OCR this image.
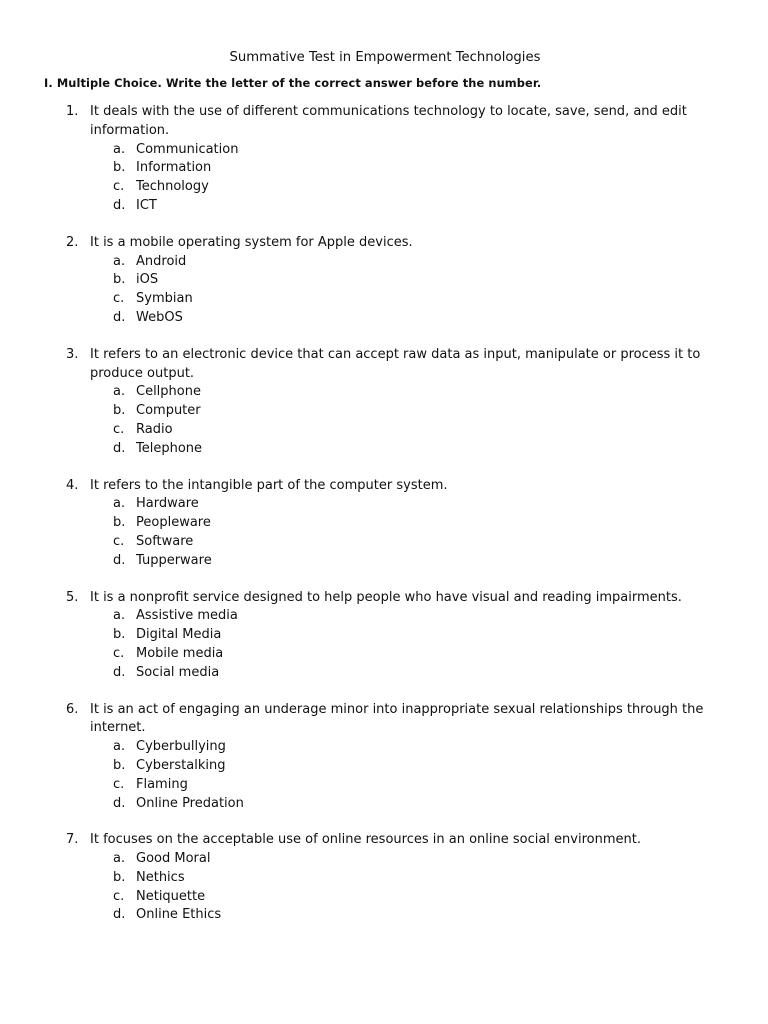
Summative Test in Empowerment Technologies
I. Multiple Choice. Write the letter of the correct answer before the number.
1. It deals with the use of different communications technology to locate, save, send, and edit information.
a. Communication
b. Information
c. Technology
d. ICT
2. It is a mobile operating system for Apple devices.
a. Android
b. iOS
c. Symbian
d. WebOS
3. It refers to an electronic device that can accept raw data as input, manipulate or process it to produce output.
a. Cellphone
b. Computer
c. Radio
d. Telephone
4. It refers to the intangible part of the computer system.
a. Hardware
b. Peopleware
c. Software
d. Tupperware
5. It is a nonprofit service designed to help people who have visual and reading impairments.
a. Assistive media
b. Digital Media
c. Mobile media
d. Social media
6. It is an act of engaging an underage minor into inappropriate sexual relationships through the internet.
a. Cyberbullying
b. Cyberstalking
c. Flaming
d. Online Predation
7. It focuses on the acceptable use of online resources in an online social environment.
a. Good Moral
b. Nethics
c. Netiquette
d. Online Ethics
